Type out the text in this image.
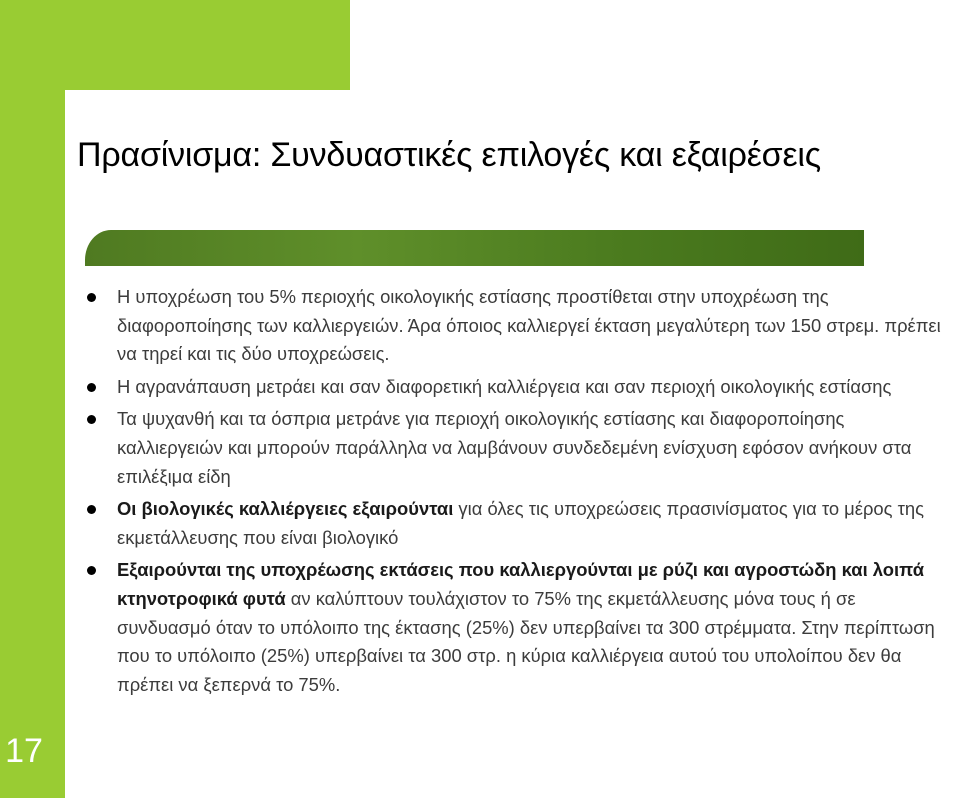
Πρασίνισμα: Συνδυαστικές επιλογές και εξαιρέσεις
Η υποχρέωση του 5% περιοχής οικολογικής εστίασης προστίθεται στην υποχρέωση της διαφοροποίησης των καλλιεργειών. Άρα όποιος καλλιεργεί έκταση μεγαλύτερη των 150 στρεμ. πρέπει να τηρεί και τις δύο υποχρεώσεις.
Η αγρανάπαυση μετράει και σαν διαφορετική καλλιέργεια και σαν περιοχή οικολογικής εστίασης
Τα ψυχανθή και τα όσπρια μετράνε για περιοχή οικολογικής εστίασης και διαφοροποίησης καλλιεργειών και μπορούν παράλληλα να λαμβάνουν συνδεδεμένη ενίσχυση εφόσον ανήκουν στα επιλέξιμα είδη
Οι βιολογικές καλλιέργειες εξαιρούνται για όλες τις υποχρεώσεις πρασινίσματος για το μέρος της εκμετάλλευσης που είναι βιολογικό
Εξαιρούνται της υποχρέωσης εκτάσεις που καλλιεργούνται με ρύζι και αγροστώδη και λοιπά κτηνοτροφικά φυτά αν καλύπτουν τουλάχιστον το 75% της εκμετάλλευσης μόνα τους ή σε συνδυασμό όταν το υπόλοιπο της έκτασης (25%) δεν υπερβαίνει τα 300 στρέμματα. Στην περίπτωση που το υπόλοιπο (25%) υπερβαίνει τα 300 στρ. η κύρια καλλιέργεια αυτού του υπολοίπου δεν θα πρέπει να ξεπερνά το 75%.
17
